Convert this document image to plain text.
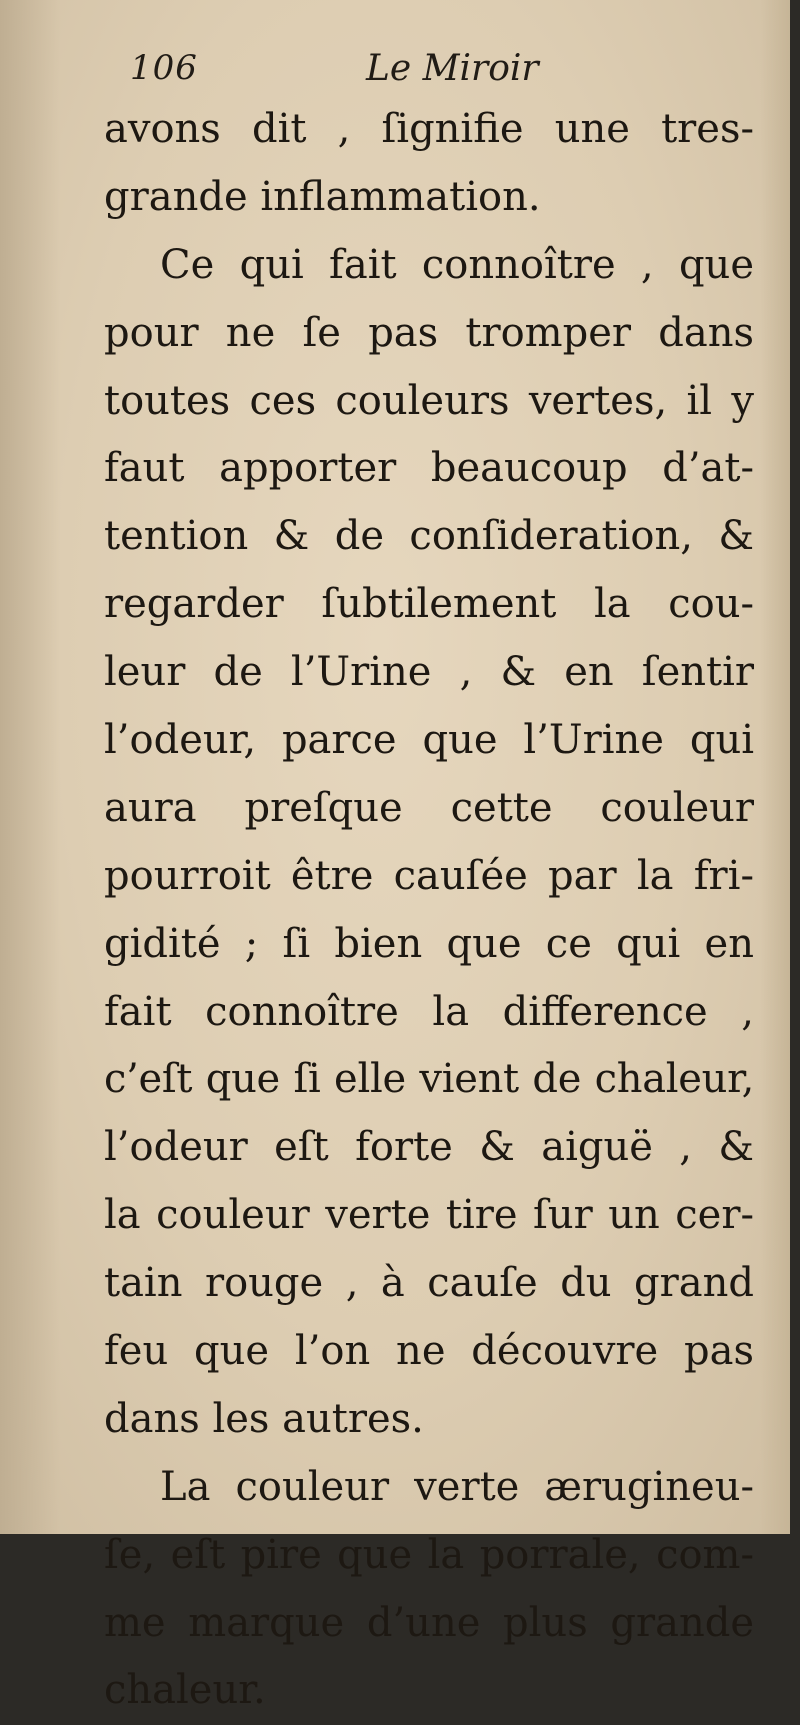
106	Le Miroir
avons dit , ſignifie une tres-
grande inflammation.
Ce qui fait connoître , que
pour ne ſe pas tromper dans
toutes ces couleurs vertes, il y
faut apporter beaucoup d’at-
tention & de conſideration, &
regarder ſubtilement la cou-
leur de l’Urine , & en ſentir
l’odeur, parce que l’Urine qui
aura preſque cette couleur
pourroit être cauſée par la fri-
gidité ; ſi bien que ce qui en
fait connoître la difference ,
c’eſt que ſi elle vient de chaleur,
l’odeur eſt forte & aiguë , &
la couleur verte tire ſur un cer-
tain rouge , à cauſe du grand
feu que l’on ne découvre pas
dans les autres.
La couleur verte ærugineu-
ſe, eſt pire que la porrale, com-
me marque d’une plus grande
chaleur.
